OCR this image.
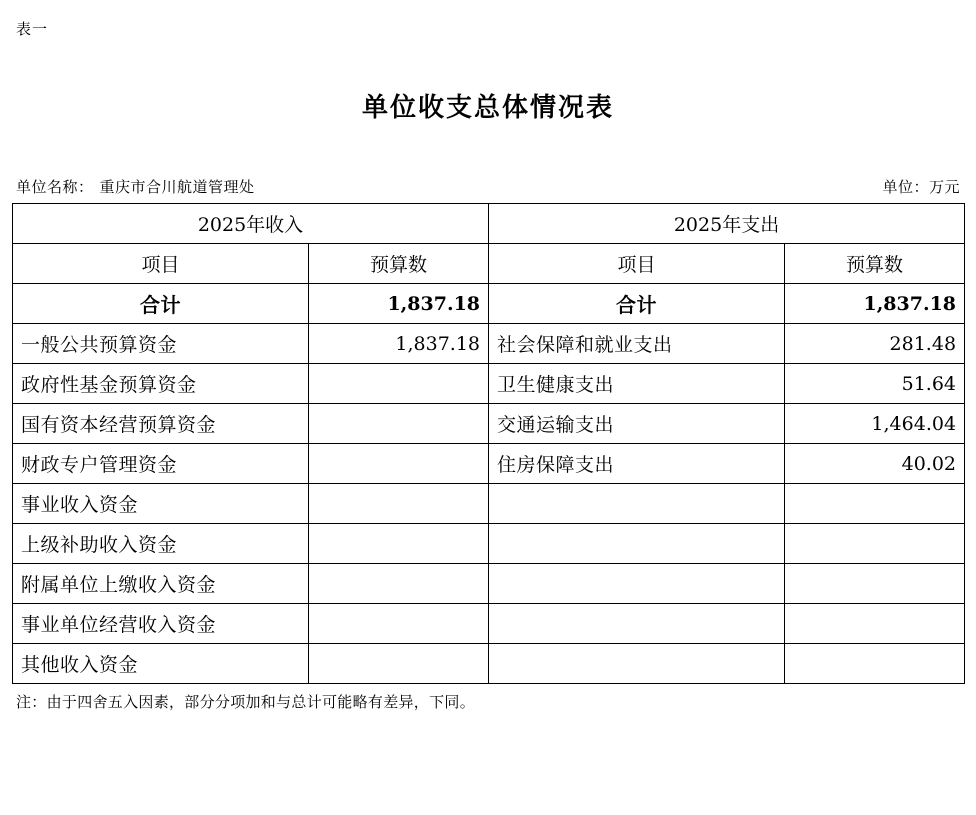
表一
单位收支总体情况表
单位名称： 重庆市合川航道管理处	单位：万元
2025年收入		2025年支出	
项目	预算数	项目	预算数
合计	1,837.18	合计	1,837.18
一般公共预算资金	1,837.18	社会保障和就业支出	281.48
政府性基金预算资金		卫生健康支出	51.64
国有资本经营预算资金		交通运输支出	1,464.04
财政专户管理资金		住房保障支出	40.02
事业收入资金			
上级补助收入资金			
附属单位上缴收入资金			
事业单位经营收入资金			
其他收入资金			
注：由于四舍五入因素，部分分项加和与总计可能略有差异，下同。
